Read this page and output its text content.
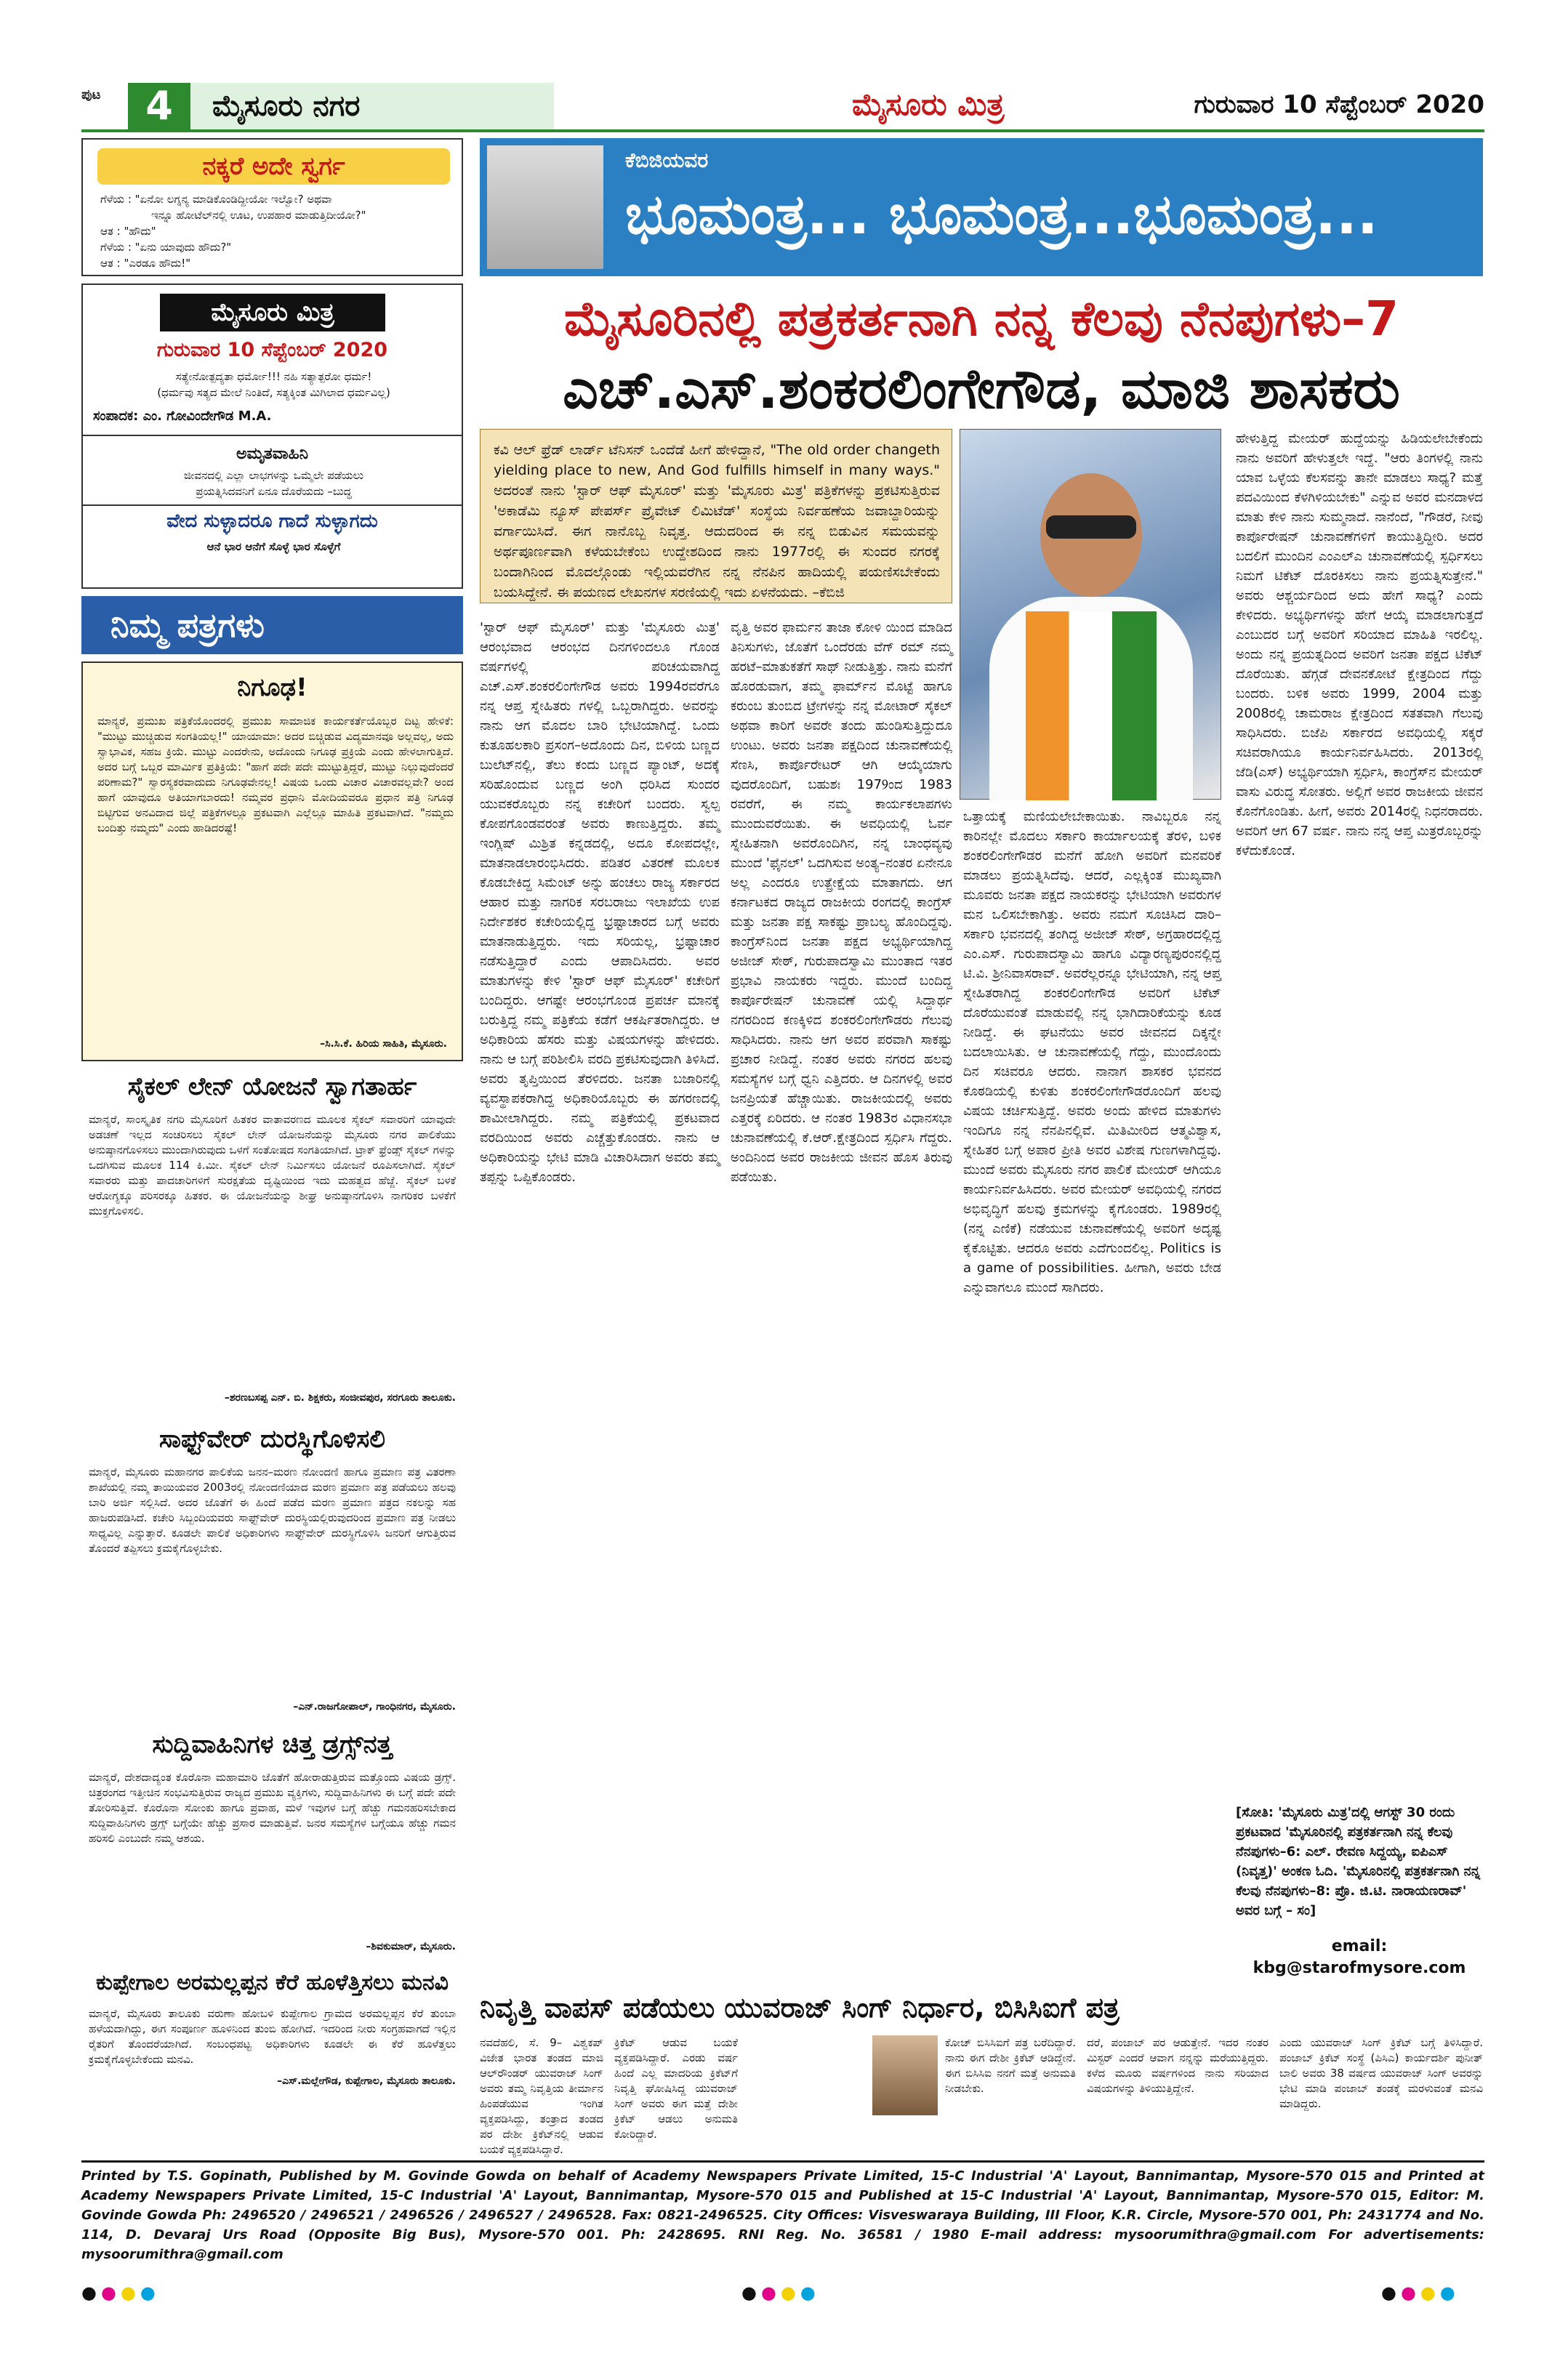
ಪುಟ	4	ಮೈಸೂರು ನಗರ	ಮೈಸೂರು ಮಿತ್ರ	ಗುರುವಾರ 10 ಸೆಪ್ಟೆಂಬರ್ 2020
ನಕ್ಕರೆ ಅದೇ ಸ್ವರ್ಗ
ಗೆಳೆಯ : "ಏನೋ ಲಗ್ನನ್ಯ ಮಾಡಿಕೊಂಡಿದ್ದೀಯೋ ಇಲ್ವೋ? ಅಥವಾ
ಇನ್ನೂ ಹೋಟೆಲ್‌ನಲ್ಲಿ ಊಟ, ಉಪಹಾರ ಮಾಡುತ್ತಿದೀಯೋ?"
ಆತ : "ಹೌದು"
ಗೆಳೆಯ : "ಏನು ಯಾವುದು ಹೌದು?"
ಆತ : "ಎರಡೂ ಹೌದು!"
ಮೈಸೂರು ಮಿತ್ರ
ಗುರುವಾರ 10 ಸೆಪ್ಟೆಂಬರ್ 2020
ಸತ್ಯೇನೋತ್ಪದ್ಯತಾ ಧರ್ಮೋ!!! ನಹಿ ಸತ್ಯಾತ್ಪರೋ ಧರ್ಮ!
(ಧರ್ಮವು ಸತ್ಯದ ಮೇಲೆ ನಿಂತಿದೆ, ಸತ್ಯಕ್ಕಿಂತ ಮಿಗಿಲಾದ ಧರ್ಮವಿಲ್ಲ)
ಸಂಪಾದಕ: ಎಂ. ಗೋವಿಂದೇಗೌಡ M.A.
ಅಮೃತವಾಹಿನಿ
ಜೀವನದಲ್ಲಿ ಎಲ್ಲಾ ಲಾಭಗಳನ್ನು ಒಮ್ಮೆಲೇ ಪಡೆಯಲು
ಪ್ರಯತ್ನಿಸಿದವನಿಗೆ ಏನೂ ದೊರೆಯದು –ಬುದ್ಧ
ವೇದ ಸುಳ್ಳಾದರೂ ಗಾದೆ ಸುಳ್ಳಾಗದು
ಆನೆ ಭಾರ ಆನೆಗೆ ಸೊಳ್ಳೆ ಭಾರ ಸೊಳ್ಳೆಗೆ
ನಿಮ್ಮ ಪತ್ರಗಳು
ನಿಗೂಢ!
ಮಾನ್ಯರೆ, ಪ್ರಮುಖ ಪತ್ರಿಕೆಯೊಂದರಲ್ಲಿ ಪ್ರಮುಖ ಸಾಮಾಜಿಕ ಕಾರ್ಯಕರ್ತೆಯೊಬ್ಬರ ದಿಟ್ಟ ಹೇಳಿಕೆ: "ಮುಟ್ಟು ಮುಚ್ಚಿಡುವ ಸಂಗತಿಯಲ್ಲ!" ಯಾಯಾಮಾ: ಅದರ ಬಿಚ್ಚಿಡುವ ವಿದ್ಯಮಾನವೂ ಅಲ್ಲವಲ್ಲ, ಅದು ಸ್ವಾಭಾವಿಕ, ಸಹಜ ಕ್ರಿಯೆ. ಮುಟ್ಟು ಎಂದರೇನು, ಅದೊಂದು ನಿಗೂಢ ಪ್ರಕ್ರಿಯೆ ಎಂದು ಹೇಳಲಾಗುತ್ತಿದೆ. ಅದರ ಬಗ್ಗೆ ಒಬ್ಬರ ಮಾರ್ಮಿಕ ಪ್ರತಿಕ್ರಿಯೆ: "ಹಾಗೆ ಪದೇ ಪದೇ ಮುಟ್ಟುತ್ತಿದ್ದರೆ, ಮುಟ್ಟು ನಿಲ್ಲುವುದೆಂದರೆ ಪರಿಣಾಮ?" ಸ್ವಾರಸ್ಯಕರವಾದುದು ನಿಗೂಢವೇನಲ್ಲ! ವಿಷಯ ಒಂದು ವಿಚಾರ ವಿಚಾರವಲ್ಲವೇ? ಅಂದ ಹಾಗೆ ಯಾವುದೂ ಅತಿಯಾಗಬಾರದು! ನಮ್ಮವರ ಪ್ರಧಾನಿ ಮೋದಿಯವರೂ ಪ್ರಧಾನ ಪತ್ರಿ ನಿಗೂಢ ಬಿಟ್ಟಿಗುವ ಅನವಿದಾದ ಜಿಲ್ಲೆ ಪತ್ರಿಕೆಗಳಲ್ಲೂ ಪ್ರಕಟವಾಗಿ ಎಲ್ಲೆಲ್ಲೂ ಮಾಹಿತಿ ಪ್ರಕಟವಾಗಿದೆ. "ನಮ್ಮದು ಬಂದಿತ್ತು ನಮ್ಮದು" ಎಂದು ಹಾಡಿದರಷ್ಟೆ!
–ಸಿ.ಸಿ.ಕೆ. ಹಿರಿಯ ಸಾಹಿತಿ, ಮೈಸೂರು.
ಸೈಕಲ್ ಲೇನ್ ಯೋಜನೆ ಸ್ವಾಗತಾರ್ಹ
ಮಾನ್ಯರೆ, ಸಾಂಸ್ಕೃತಿಕ ನಗರಿ ಮೈಸೂರಿಗೆ ಹಿತಕರ ವಾತಾವರಣದ ಮೂಲಕ ಸೈಕಲ್ ಸವಾರರಿಗೆ ಯಾವುದೇ ಅಡಚಣೆ ಇಲ್ಲದ ಸಂಚರಿಸಲು ಸೈಕಲ್ ಲೇನ್ ಯೋಜನೆಯನ್ನು ಮೈಸೂರು ನಗರ ಪಾಲಿಕೆಯು ಅನುಷ್ಠಾನಗೊಳಿಸಲು ಮುಂದಾಗಿರುವುದು ಒಳಗೆ ಸಂತೋಷದ ಸಂಗತಿಯಾಗಿದೆ. ಟ್ರಾಕ್ ಫ್ರೆಂಡ್ಸ್ ಸೈಕಲ್ ಗಳನ್ನು ಒದಗಿಸುವ ಮೂಲಕ 114 ಕಿ.ಮೀ. ಸೈಕಲ್ ಲೇನ್ ನಿರ್ಮಿಸಲು ಯೋಜನೆ ರೂಪಿಸಲಾಗಿದೆ. ಸೈಕಲ್ ಸವಾರರು ಮತ್ತು ಪಾದಚಾರಿಗಳಿಗೆ ಸುರಕ್ಷತೆಯ ದೃಷ್ಟಿಯಿಂದ ಇದು ಮಹತ್ವದ ಹೆಜ್ಜೆ. ಸೈಕಲ್ ಬಳಕೆ ಆರೋಗ್ಯಕ್ಕೂ ಪರಿಸರಕ್ಕೂ ಹಿತಕರ. ಈ ಯೋಜನೆಯನ್ನು ಶೀಘ್ರ ಅನುಷ್ಠಾನಗೊಳಿಸಿ ನಾಗರಿಕರ ಬಳಕೆಗೆ ಮುಕ್ತಗೊಳಿಸಲಿ.
–ಶರಣಬಸಪ್ಪ ಎನ್. ಬಿ. ಶಿಕ್ಷಕರು, ಸಂಜೀವಪುರ, ಸರಗೂರು ತಾಲೂಕು.
ಸಾಫ್ಟ್‌ವೇರ್ ದುರಸ್ಥಿಗೊಳಿಸಲಿ
ಮಾನ್ಯರೆ, ಮೈಸೂರು ಮಹಾನಗರ ಪಾಲಿಕೆಯ ಜನನ–ಮರಣ ನೋಂದಣಿ ಹಾಗೂ ಪ್ರಮಾಣ ಪತ್ರ ವಿತರಣಾ ಶಾಖೆಯಲ್ಲಿ ನಮ್ಮ ತಾಯಿಯವರ 2003ರಲ್ಲಿ ನೋಂದಣಿಯಾದ ಮರಣ ಪ್ರಮಾಣ ಪತ್ರ ಪಡೆಯಲು ಹಲವು ಬಾರಿ ಅರ್ಜಿ ಸಲ್ಲಿಸಿದೆ. ಅದರ ಜೊತೆಗೆ ಈ ಹಿಂದೆ ಪಡೆದ ಮರಣ ಪ್ರಮಾಣ ಪತ್ರದ ನಕಲನ್ನು ಸಹ ಹಾಜರುಪಡಿಸಿದೆ. ಕಚೇರಿ ಸಿಬ್ಬಂದಿಯವರು ಸಾಫ್ಟ್‌ವೇರ್ ದುರಸ್ಥಿಯಲ್ಲಿರುವುದರಿಂದ ಪ್ರಮಾಣ ಪತ್ರ ನೀಡಲು ಸಾಧ್ಯವಿಲ್ಲ ಎನ್ನುತ್ತಾರೆ. ಕೂಡಲೇ ಪಾಲಿಕೆ ಅಧಿಕಾರಿಗಳು ಸಾಫ್ಟ್‌ವೇರ್ ದುರಸ್ಥಿಗೊಳಿಸಿ ಜನರಿಗೆ ಆಗುತ್ತಿರುವ ತೊಂದರೆ ತಪ್ಪಿಸಲು ಕ್ರಮಕೈಗೊಳ್ಳಬೇಕು.
–ಎನ್.ರಾಜಗೋಪಾಲ್, ಗಾಂಧಿನಗರ, ಮೈಸೂರು.
ಸುದ್ದಿವಾಹಿನಿಗಳ ಚಿತ್ತ ಡ್ರಗ್ಸ್‌ನತ್ತ
ಮಾನ್ಯರೆ, ದೇಶದಾದ್ಯಂತ ಕೊರೊನಾ ಮಹಾಮಾರಿ ಜೊತೆಗೆ ಹೋರಾಡುತ್ತಿರುವ ಮತ್ತೊಂದು ವಿಷಯ ಡ್ರಗ್ಸ್. ಚಿತ್ರರಂಗದ ಇತ್ತೀಚಿನ ಸಂಭವಿಸುತ್ತಿರುವ ರಾಜ್ಯದ ಪ್ರಮುಖ ವ್ಯಕ್ತಿಗಳು, ಸುದ್ದಿವಾಹಿನಿಗಳು ಈ ಬಗ್ಗೆ ಪದೇ ಪದೇ ತೋರಿಸುತ್ತಿವೆ. ಕೊರೊನಾ ಸೋಂಕು ಹಾಗೂ ಪ್ರವಾಹ, ಮಳೆ ಇವುಗಳ ಬಗ್ಗೆ ಹೆಚ್ಚು ಗಮನಹರಿಸಬೇಕಾದ ಸುದ್ದಿವಾಹಿನಿಗಳು ಡ್ರಗ್ಸ್ ಬಗ್ಗೆಯೇ ಹೆಚ್ಚು ಪ್ರಸಾರ ಮಾಡುತ್ತಿವೆ. ಜನರ ಸಮಸ್ಯೆಗಳ ಬಗ್ಗೆಯೂ ಹೆಚ್ಚು ಗಮನ ಹರಿಸಲಿ ಎಂಬುದೇ ನಮ್ಮ ಆಶಯ.
–ಶಿವಕುಮಾರ್, ಮೈಸೂರು.
ಕುಪ್ಪೇಗಾಲ ಅರಮಲ್ಲಪ್ಪನ ಕೆರೆ ಹೂಳೆತ್ತಿಸಲು ಮನವಿ
ಮಾನ್ಯರೆ, ಮೈಸೂರು ತಾಲೂಕು ವರುಣಾ ಹೋಬಳಿ ಕುಪ್ಪೇಗಾಲ ಗ್ರಾಮದ ಅರಮಲ್ಲಪ್ಪನ ಕೆರೆ ತುಂಬಾ ಹಳೆಯದಾಗಿದ್ದು, ಈಗ ಸಂಪೂರ್ಣ ಹೂಳಿನಿಂದ ತುಂಬಿ ಹೋಗಿದೆ. ಇದರಿಂದ ನೀರು ಸಂಗ್ರಹವಾಗದೆ ಇಲ್ಲಿನ ರೈತರಿಗೆ ತೊಂದರೆಯಾಗಿದೆ. ಸಂಬಂಧಪಟ್ಟ ಅಧಿಕಾರಿಗಳು ಕೂಡಲೇ ಈ ಕೆರೆ ಹೂಳೆತ್ತಲು ಕ್ರಮಕೈಗೊಳ್ಳಬೇಕೆಂದು ಮನವಿ.
–ಎಸ್.ಮಲ್ಲೇಗೌಡ, ಕುಪ್ಪೇಗಾಲ, ಮೈಸೂರು ತಾಲೂಕು.
ಕೆಬಿಜಿಯವರ
ಭೂಮಂತ್ರ... ಭೂಮಂತ್ರ...ಭೂಮಂತ್ರ...
ಮೈಸೂರಿನಲ್ಲಿ ಪತ್ರಕರ್ತನಾಗಿ ನನ್ನ ಕೆಲವು ನೆನಪುಗಳು–7
ಎಚ್.ಎಸ್.ಶಂಕರಲಿಂಗೇಗೌಡ, ಮಾಜಿ ಶಾಸಕರು
ಕವಿ ಆಲ್ ಫ್ರೆಡ್ ಲಾರ್ಡ್ ಟೆನಿಸನ್ ಒಂದೆಡೆ ಹೀಗೆ ಹೇಳಿದ್ದಾನೆ, "The old order changeth yielding place to new, And God fulfills himself in many ways." ಅದರಂತೆ ನಾನು 'ಸ್ಟಾರ್ ಆಫ್ ಮೈಸೂರ್' ಮತ್ತು 'ಮೈಸೂರು ಮಿತ್ರ' ಪತ್ರಿಕೆಗಳನ್ನು ಪ್ರಕಟಿಸುತ್ತಿರುವ 'ಅಕಾಡೆಮಿ ನ್ಯೂಸ್ ಪೇಪರ್ಸ್ ಪ್ರೈವೇಟ್ ಲಿಮಿಟೆಡ್' ಸಂಸ್ಥೆಯ ನಿರ್ವಹಣೆಯ ಜವಾಬ್ದಾರಿಯನ್ನು ವರ್ಗಾಯಿಸಿದೆ. ಈಗ ನಾನೊಬ್ಬ ನಿವೃತ್ತ. ಆದುದರಿಂದ ಈ ನನ್ನ ಬಿಡುವಿನ ಸಮಯವನ್ನು ಅರ್ಥಪೂರ್ಣವಾಗಿ ಕಳೆಯಬೇಕೆಂಬ ಉದ್ದೇಶದಿಂದ ನಾನು 1977ರಲ್ಲಿ ಈ ಸುಂದರ ನಗರಕ್ಕೆ ಬಂದಾಗಿನಿಂದ ಮೊದಲ್ಗೊಂಡು ಇಲ್ಲಿಯವರೆಗಿನ ನನ್ನ ನೆನಪಿನ ಹಾದಿಯಲ್ಲಿ ಪಯಣಿಸಬೇಕೆಂದು ಬಯಸಿದ್ದೇನೆ. ಈ ಪಯಣದ ಲೇಖನಗಳ ಸರಣಿಯಲ್ಲಿ ಇದು ಏಳನೆಯದು. –ಕೆಬಿಜಿ
'ಸ್ಟಾರ್ ಆಫ್ ಮೈಸೂರ್' ಮತ್ತು 'ಮೈಸೂರು ಮಿತ್ರ' ಆರಂಭವಾದ ಆರಂಭದ ದಿನಗಳಿಂದಲೂ ಗೊಂಡ ವರ್ಷಗಳಲ್ಲಿ ಪರಿಚಯವಾಗಿದ್ದ ಎಚ್.ಎಸ್.ಶಂಕರಲಿಂಗೇಗೌಡ ಅವರು 1994ರವರೆಗೂ ನನ್ನ ಆಪ್ತ ಸ್ನೇಹಿತರು ಗಳಲ್ಲಿ ಒಬ್ಬರಾಗಿದ್ದರು. ಅವರನ್ನು ನಾನು ಆಗ ಮೊದಲ ಬಾರಿ ಭೇಟಿಯಾಗಿದ್ದೆ. ಒಂದು ಕುತೂಹಲಕಾರಿ ಪ್ರಸಂಗ–ಅದೊಂದು ದಿನ, ಬಿಳಿಯ ಬಣ್ಣದ ಬುಲೆಟ್‌ನಲ್ಲಿ, ತೆಲು ಕಂದು ಬಣ್ಣದ ಪ್ಯಾಂಟ್, ಅದಕ್ಕೆ ಸರಿಹೊಂದುವ ಬಣ್ಣದ ಅಂಗಿ ಧರಿಸಿದ ಸುಂದರ ಯುವಕರೊಬ್ಬರು ನನ್ನ ಕಚೇರಿಗೆ ಬಂದರು. ಸ್ವಲ್ಪ ಕೋಪಗೊಂಡವರಂತೆ ಅವರು ಕಾಣುತ್ತಿದ್ದರು. ತಮ್ಮ ಇಂಗ್ಲಿಷ್ ಮಿಶ್ರಿತ ಕನ್ನಡದಲ್ಲಿ, ಅದೂ ಕೋಪದಲ್ಲೇ, ಮಾತನಾಡಲಾರಂಭಿಸಿದರು. ಪಡಿತರ ವಿತರಣೆ ಮೂಲಕ ಕೊಡಬೇಕಿದ್ದ ಸಿಮೆಂಟ್ ಅನ್ನು ಹಂಚಲು ರಾಜ್ಯ ಸರ್ಕಾರದ ಆಹಾರ ಮತ್ತು ನಾಗರಿಕ ಸರಬರಾಜು ಇಲಾಖೆಯ ಉಪ ನಿರ್ದೇಶಕರ ಕಚೇರಿಯಲ್ಲಿದ್ದ ಭ್ರಷ್ಟಾಚಾರದ ಬಗ್ಗೆ ಅವರು ಮಾತನಾಡುತ್ತಿದ್ದರು. ಇದು ಸರಿಯಲ್ಲ, ಭ್ರಷ್ಟಾಚಾರ ನಡೆಸುತ್ತಿದ್ದಾರೆ ಎಂದು ಆಪಾದಿಸಿದರು. ಅವರ ಮಾತುಗಳನ್ನು ಕೇಳಿ 'ಸ್ಟಾರ್ ಆಫ್ ಮೈಸೂರ್' ಕಚೇರಿಗೆ ಬಂದಿದ್ದರು. ಆಗಷ್ಟೇ ಆರಂಭಗೊಂಡ ಪ್ರಪರ್ಚ ಮಾನಕ್ಕೆ ಬರುತ್ತಿದ್ದ ನಮ್ಮ ಪತ್ರಿಕೆಯ ಕಡೆಗೆ ಆಕರ್ಷಿತರಾಗಿದ್ದರು. ಆ ಅಧಿಕಾರಿಯ ಹೆಸರು ಮತ್ತು ವಿಷಯಗಳನ್ನು ಹೇಳಿದರು. ನಾನು ಆ ಬಗ್ಗೆ ಪರಿಶೀಲಿಸಿ ವರದಿ ಪ್ರಕಟಿಸುವುದಾಗಿ ತಿಳಿಸಿದೆ. ಅವರು ತೃಪ್ತಿಯಿಂದ ತೆರಳಿದರು. ಜನತಾ ಬಜಾರಿನಲ್ಲಿ ವ್ಯವಸ್ಥಾಪಕರಾಗಿದ್ದ ಅಧಿಕಾರಿಯೊಬ್ಬರು ಈ ಹಗರಣದಲ್ಲಿ ಶಾಮೀಲಾಗಿದ್ದರು. ನಮ್ಮ ಪತ್ರಿಕೆಯಲ್ಲಿ ಪ್ರಕಟವಾದ ವರದಿಯಿಂದ ಅವರು ಎಚ್ಚೆತ್ತುಕೊಂಡರು. ನಾನು ಆ ಅಧಿಕಾರಿಯನ್ನು ಭೇಟಿ ಮಾಡಿ ವಿಚಾರಿಸಿದಾಗ ಅವರು ತಮ್ಮ ತಪ್ಪನ್ನು ಒಪ್ಪಿಕೊಂಡರು.
ವೃತ್ತಿ ಅವರ ಫಾರ್ಮನ ತಾಜಾ ಕೋಳಿ ಯಿಂದ ಮಾಡಿದ ತಿನಿಸುಗಳು, ಜೊತೆಗೆ ಒಂದೆರಡು ವೆಗ್ ರಮ್ ನಮ್ಮ ಹರಟೆ–ಮಾತುಕತೆಗೆ ಸಾಥ್ ನೀಡುತ್ತಿತ್ತು. ನಾನು ಮನೆಗೆ ಹೊರಡುವಾಗ, ತಮ್ಮ ಫಾರ್ಮ್‌ನ ಮೊಟ್ಟೆ ಹಾಗೂ ಕರುಂಬ ತುಂಬಿದ ಟ್ರೇಗಳನ್ನು ನನ್ನ ಮೋಟಾರ್ ಸೈಕಲ್ ಅಥವಾ ಕಾರಿಗೆ ಅವರೇ ತಂದು ಹುಂಡಿಸುತ್ತಿದ್ದುದೂ ಉಂಟು. ಅವರು ಜನತಾ ಪಕ್ಷದಿಂದ ಚುನಾವಣೆಯಲ್ಲಿ ಸೆಣಸಿ, ಕಾರ್ಪೊರೇಟರ್ ಆಗಿ ಆಯ್ಕೆಯಾಗು ವುದರೊಂದಿಗೆ, ಬಹುಶಃ 1979ಂದ 1983 ರವರೆಗೆ, ಈ ನಮ್ಮ ಕಾರ್ಯಕಲಾಪಗಳು ಮುಂದುವರೆಯಿತು. ಈ ಅವಧಿಯಲ್ಲಿ ಓರ್ವ ಸ್ನೇಹಿತನಾಗಿ ಅವರೊಂದಿಗಿನ, ನನ್ನ ಬಾಂಧವ್ಯವು ಮುಂದೆ 'ಫೈನಲ್' ಒದಗಿಸುವ ಅಂತ್ಯ–ನಂತರ ಏನೇನೂ ಅಲ್ಲ ಎಂದರೂ ಉತ್ಪ್ರೇಕ್ಷೆಯ ಮಾತಾಗದು. ಆಗ ಕರ್ನಾಟಕದ ರಾಜ್ಯದ ರಾಜಕೀಯ ರಂಗದಲ್ಲಿ ಕಾಂಗ್ರೆಸ್ ಮತ್ತು ಜನತಾ ಪಕ್ಷ ಸಾಕಷ್ಟು ಪ್ರಾಬಲ್ಯ ಹೊಂದಿದ್ದವು. ಕಾಂಗ್ರೆಸ್‌ನಿಂದ ಜನತಾ ಪಕ್ಷದ ಅಭ್ಯರ್ಥಿಯಾಗಿದ್ದ ಅಜೀಜ್ ಸೇಠ್, ಗುರುಪಾದಸ್ವಾಮಿ ಮುಂತಾದ ಇತರ ಪ್ರಭಾವಿ ನಾಯಕರು ಇದ್ದರು. ಮುಂದೆ ಬಂದಿದ್ದ ಕಾರ್ಪೊರೇಷನ್ ಚುನಾವಣೆ ಯಲ್ಲಿ ಸಿದ್ದಾರ್ಥ ನಗರದಿಂದ ಕಣಕ್ಕಿಳಿದ ಶಂಕರಲಿಂಗೇಗೌಡರು ಗೆಲುವು ಸಾಧಿಸಿದರು. ನಾನು ಆಗ ಅವರ ಪರವಾಗಿ ಸಾಕಷ್ಟು ಪ್ರಚಾರ ನೀಡಿದ್ದೆ. ನಂತರ ಅವರು ನಗರದ ಹಲವು ಸಮಸ್ಯೆಗಳ ಬಗ್ಗೆ ಧ್ವನಿ ಎತ್ತಿದರು. ಆ ದಿನಗಳಲ್ಲಿ ಅವರ ಜನಪ್ರಿಯತೆ ಹೆಚ್ಚಾಯಿತು. ರಾಜಕೀಯದಲ್ಲಿ ಅವರು ಎತ್ತರಕ್ಕೆ ಏರಿದರು. ಆ ನಂತರ 1983ರ ವಿಧಾನಸಭಾ ಚುನಾವಣೆಯಲ್ಲಿ ಕೆ.ಆರ್.ಕ್ಷೇತ್ರದಿಂದ ಸ್ಪರ್ಧಿಸಿ ಗೆದ್ದರು. ಅಂದಿನಿಂದ ಅವರ ರಾಜಕೀಯ ಜೀವನ ಹೊಸ ತಿರುವು ಪಡೆಯಿತು.
ಒತ್ತಾಯಕ್ಕೆ ಮಣಿಯಲೇಬೇಕಾಯಿತು. ನಾವಿಬ್ಬರೂ ನನ್ನ ಕಾರಿನಲ್ಲೇ ಮೊದಲು ಸರ್ಕಾರಿ ಕಾರ್ಯಾಲಯಕ್ಕೆ ತೆರಳಿ, ಬಳಿಕ ಶಂಕರಲಿಂಗೇಗೌಡರ ಮನೆಗೆ ಹೋಗಿ ಅವರಿಗೆ ಮನವರಿಕೆ ಮಾಡಲು ಪ್ರಯತ್ನಿಸಿದೆವು. ಆದರೆ, ಎಲ್ಲಕ್ಕಿಂತ ಮುಖ್ಯವಾಗಿ ಮೂವರು ಜನತಾ ಪಕ್ಷದ ನಾಯಕರನ್ನು ಭೇಟಿಯಾಗಿ ಅವರುಗಳ ಮನ ಒಲಿಸಬೇಕಾಗಿತ್ತು. ಅವರು ನಮಗೆ ಸೂಚಿಸಿದ ದಾರಿ–ಸರ್ಕಾರಿ ಭವನದಲ್ಲಿ ತಂಗಿದ್ದ ಅಜೀಜ್ ಸೇಠ್, ಅಗ್ರಹಾರದಲ್ಲಿದ್ದ ಎಂ.ಎಸ್. ಗುರುಪಾದಸ್ವಾಮಿ ಹಾಗೂ ವಿದ್ಯಾರಣ್ಯಪುರಂನಲ್ಲಿದ್ದ ಟಿ.ವಿ. ಶ್ರೀನಿವಾಸರಾವ್. ಅವರೆಲ್ಲರನ್ನೂ ಭೇಟಿಯಾಗಿ, ನನ್ನ ಆಪ್ತ ಸ್ನೇಹಿತರಾಗಿದ್ದ ಶಂಕರಲಿಂಗೇಗೌಡ ಅವರಿಗೆ ಟಿಕೆಟ್ ದೊರೆಯುವಂತೆ ಮಾಡುವಲ್ಲಿ ನನ್ನ ಭಾಗಿದಾರಿಕೆಯನ್ನು ಕೂಡ ನೀಡಿದ್ದೆ. ಈ ಘಟನೆಯು ಅವರ ಜೀವನದ ದಿಕ್ಕನ್ನೇ ಬದಲಾಯಿಸಿತು. ಆ ಚುನಾವಣೆಯಲ್ಲಿ ಗೆದ್ದು, ಮುಂದೊಂದು ದಿನ ಸಚಿವರೂ ಆದರು. ನಾನಾಗ ಶಾಸಕರ ಭವನದ ಕೊಠಡಿಯಲ್ಲಿ ಕುಳಿತು ಶಂಕರಲಿಂಗೇಗೌಡರೊಂದಿಗೆ ಹಲವು ವಿಷಯ ಚರ್ಚಿಸುತ್ತಿದ್ದೆ. ಅವರು ಅಂದು ಹೇಳಿದ ಮಾತುಗಳು ಇಂದಿಗೂ ನನ್ನ ನೆನಪಿನಲ್ಲಿವೆ. ಮಿತಿಮೀರಿದ ಆತ್ಮವಿಶ್ವಾಸ, ಸ್ನೇಹಿತರ ಬಗ್ಗೆ ಅಪಾರ ಪ್ರೀತಿ ಅವರ ವಿಶೇಷ ಗುಣಗಳಾಗಿದ್ದವು. ಮುಂದೆ ಅವರು ಮೈಸೂರು ನಗರ ಪಾಲಿಕೆ ಮೇಯರ್ ಆಗಿಯೂ ಕಾರ್ಯನಿರ್ವಹಿಸಿದರು. ಅವರ ಮೇಯರ್ ಅವಧಿಯಲ್ಲಿ ನಗರದ ಅಭಿವೃದ್ಧಿಗೆ ಹಲವು ಕ್ರಮಗಳನ್ನು ಕೈಗೊಂಡರು. 1989ರಲ್ಲಿ (ನನ್ನ ಎಣಿಕೆ) ನಡೆಯುವ ಚುನಾವಣೆಯಲ್ಲಿ ಅವರಿಗೆ ಅದೃಷ್ಟ ಕೈಕೊಟ್ಟಿತು. ಆದರೂ ಅವರು ಎದೆಗುಂದಲಿಲ್ಲ. Politics is a game of possibilities. ಹೀಗಾಗಿ, ಅವರು ಬೇಡ ಎನ್ನುವಾಗಲೂ ಮುಂದೆ ಸಾಗಿದರು.
ಹೇಳುತ್ತಿದ್ದ ಮೇಯರ್ ಹುದ್ದೆಯನ್ನು ಹಿಡಿಯಲೇಬೇಕೆಂದು ನಾನು ಅವರಿಗೆ ಹೇಳುತ್ತಲೇ ಇದ್ದೆ. "ಆರು ತಿಂಗಳಲ್ಲಿ ನಾನು ಯಾವ ಒಳ್ಳೆಯ ಕೆಲಸವನ್ನು ತಾನೇ ಮಾಡಲು ಸಾಧ್ಯ? ಮತ್ತೆ ಪದವಿಯಿಂದ ಕೆಳಗಿಳಿಯಬೇಕು" ಎನ್ನುವ ಅವರ ಮನದಾಳದ ಮಾತು ಕೇಳಿ ನಾನು ಸುಮ್ಮನಾದೆ. ನಾನೆಂದೆ, "ಗೌಡರೆ, ನೀವು ಕಾರ್ಪೊರೇಷನ್ ಚುನಾವಣೆಗಳಿಗೆ ಕಾಯುತ್ತಿದ್ದೀರಿ. ಅದರ ಬದಲಿಗೆ ಮುಂದಿನ ಎಂಎಲ್ಎ ಚುನಾವಣೆಯಲ್ಲಿ ಸ್ಪರ್ಧಿಸಲು ನಿಮಗೆ ಟಿಕೆಟ್ ದೊರಕಿಸಲು ನಾನು ಪ್ರಯತ್ನಿಸುತ್ತೇನೆ." ಅವರು ಆಶ್ಚರ್ಯದಿಂದ ಅದು ಹೇಗೆ ಸಾಧ್ಯ? ಎಂದು ಕೇಳಿದರು. ಅಭ್ಯರ್ಥಿಗಳನ್ನು ಹೇಗೆ ಆಯ್ಕೆ ಮಾಡಲಾಗುತ್ತದೆ ಎಂಬುದರ ಬಗ್ಗೆ ಅವರಿಗೆ ಸರಿಯಾದ ಮಾಹಿತಿ ಇರಲಿಲ್ಲ. ಅಂದು ನನ್ನ ಪ್ರಯತ್ನದಿಂದ ಅವರಿಗೆ ಜನತಾ ಪಕ್ಷದ ಟಿಕೆಟ್ ದೊರೆಯಿತು. ಹೆಗ್ಗಡೆ ದೇವನಕೋಟೆ ಕ್ಷೇತ್ರದಿಂದ ಗೆದ್ದು ಬಂದರು. ಬಳಿಕ ಅವರು 1999, 2004 ಮತ್ತು 2008ರಲ್ಲಿ ಚಾಮರಾಜ ಕ್ಷೇತ್ರದಿಂದ ಸತತವಾಗಿ ಗೆಲುವು ಸಾಧಿಸಿದರು. ಬಿಜೆಪಿ ಸರ್ಕಾರದ ಅವಧಿಯಲ್ಲಿ ಸಕ್ಕರೆ ಸಚಿವರಾಗಿಯೂ ಕಾರ್ಯನಿರ್ವಹಿಸಿದರು. 2013ರಲ್ಲಿ ಜೆಡಿ(ಎಸ್) ಅಭ್ಯರ್ಥಿಯಾಗಿ ಸ್ಪರ್ಧಿಸಿ, ಕಾಂಗ್ರೆಸ್‌ನ ಮೇಯರ್ ವಾಸು ವಿರುದ್ಧ ಸೋತರು. ಅಲ್ಲಿಗೆ ಅವರ ರಾಜಕೀಯ ಜೀವನ ಕೊನೆಗೊಂಡಿತು. ಹೀಗೆ, ಅವರು 2014ರಲ್ಲಿ ನಿಧನರಾದರು. ಅವರಿಗೆ ಆಗ 67 ವರ್ಷ. ನಾನು ನನ್ನ ಆಪ್ತ ಮಿತ್ರರೊಬ್ಬರನ್ನು ಕಳೆದುಕೊಂಡೆ.
[ಸೋತಿ: 'ಮೈಸೂರು ಮಿತ್ರ'ದಲ್ಲಿ ಆಗಸ್ಟ್ 30 ರಂದು ಪ್ರಕಟವಾದ 'ಮೈಸೂರಿನಲ್ಲಿ ಪತ್ರಕರ್ತನಾಗಿ ನನ್ನ ಕೆಲವು ನೆನಪುಗಳು–6: ಎಲ್. ರೇವಣ ಸಿದ್ದಯ್ಯ, ಐಪಿಎಸ್ (ನಿವೃತ್ತ)' ಅಂಕಣ ಓದಿ. 'ಮೈಸೂರಿನಲ್ಲಿ ಪತ್ರಕರ್ತನಾಗಿ ನನ್ನ ಕೆಲವು ನೆನಪುಗಳು–8: ಪ್ರೊ. ಜಿ.ಟಿ. ನಾರಾಯಣರಾವ್' ಅವರ ಬಗ್ಗೆ – ಸಂ]
email:
kbg@starofmysore.com
ನಿವೃತ್ತಿ ವಾಪಸ್ ಪಡೆಯಲು ಯುವರಾಜ್ ಸಿಂಗ್ ನಿರ್ಧಾರ, ಬಿಸಿಸಿಐಗೆ ಪತ್ರ
ನವದೆಹಲಿ, ಸೆ. 9– ವಿಶ್ವಕಪ್ ವಿಜೇತ ಭಾರತ ತಂಡದ ಮಾಜಿ ಆಲ್‌ರೌಂಡರ್ ಯುವರಾಜ್ ಸಿಂಗ್ ಅವರು ತಮ್ಮ ನಿವೃತ್ತಿಯ ತೀರ್ಮಾನ ಹಿಂಪಡೆಯುವ ಇಂಗಿತ ವ್ಯಕ್ತಪಡಿಸಿದ್ದು, ತಂತ್ರಾದ ತಂಡದ ಪರ ದೇಶೀ ಕ್ರಿಕೆಟ್‌ನಲ್ಲಿ ಆಡುವ ಬಯಕೆ ವ್ಯಕ್ತಪಡಿಸಿದ್ದಾರೆ.
ಕ್ರಿಕೆಟ್ ಆಡುವ ಬಯಕೆ ವ್ಯಕ್ತಪಡಿಸಿದ್ದಾರೆ. ಎರಡು ವರ್ಷ ಹಿಂದೆ ಎಲ್ಲ ಮಾದರಿಯ ಕ್ರಿಕೆಟ್‌ಗೆ ನಿವೃತ್ತಿ ಘೋಷಿಸಿದ್ದ ಯುವರಾಜ್ ಸಿಂಗ್ ಅವರು ಈಗ ಮತ್ತೆ ದೇಶೀ ಕ್ರಿಕೆಟ್ ಆಡಲು ಅನುಮತಿ ಕೋರಿದ್ದಾರೆ.
ಕೋಚ್ ಬಿಸಿಸಿಐಗೆ ಪತ್ರ ಬರೆದಿದ್ದಾರೆ. ನಾನು ಈಗ ದೇಶೀ ಕ್ರಿಕೆಟ್ ಆಡಿದ್ದೇನೆ. ಈಗ ಬಿಸಿಸಿಐ ನನಗೆ ಮತ್ತೆ ಅನುಮತಿ ನೀಡಬೇಕು.
ದರೆ, ಪಂಜಾಬ್ ಪರ ಆಡುತ್ತೇನೆ. ಇದರ ನಂತರ ಮಿಸ್ಟರ್ ಎಂದರೆ ಆವಾಗ ನನ್ನನ್ನು ಮರೆಯುತ್ತಿದ್ದರು. ಕಳೆದ ಮೂರು ವರ್ಷಗಳಿಂದ ನಾನು ಸರಿಯಾದ ವಿಷಯಗಳನ್ನು ತಿಳಿಯುತ್ತಿದ್ದೇನೆ.
ಎಂದು ಯುವರಾಜ್ ಸಿಂಗ್ ಕ್ರಿಕೆಟ್ ಬಗ್ಗೆ ತಿಳಿಸಿದ್ದಾರೆ. ಪಂಜಾಬ್ ಕ್ರಿಕೆಟ್ ಸಂಸ್ಥೆ (ಪಿಸಿಎ) ಕಾರ್ಯದರ್ಶಿ ಪುನೀತ್ ಬಾಲಿ ಅವರು 38 ವರ್ಷದ ಯುವರಾಜ್ ಸಿಂಗ್ ಅವರನ್ನು ಭೇಟಿ ಮಾಡಿ ಪಂಜಾಬ್ ತಂಡಕ್ಕೆ ಮರಳುವಂತೆ ಮನವಿ ಮಾಡಿದ್ದರು.
Printed by T.S. Gopinath, Published by M. Govinde Gowda on behalf of Academy Newspapers Private Limited, 15-C Industrial 'A' Layout, Bannimantap, Mysore-570 015 and Printed at Academy Newspapers Private Limited, 15-C Industrial 'A' Layout, Bannimantap, Mysore-570 015 and Published at 15-C Industrial 'A' Layout, Bannimantap, Mysore-570 015, Editor: M. Govinde Gowda Ph: 2496520 / 2496521 / 2496526 / 2496527 / 2496528. Fax: 0821-2496525. City Offices: Visveswaraya Building, III Floor, K.R. Circle, Mysore-570 001, Ph: 2431774 and No. 114, D. Devaraj Urs Road (Opposite Big Bus), Mysore-570 001. Ph: 2428695. RNI Reg. No. 36581 / 1980 E-mail address: mysoorumithra@gmail.com For advertisements: mysoorumithra@gmail.com
●●●●	●●●●	●●●●
